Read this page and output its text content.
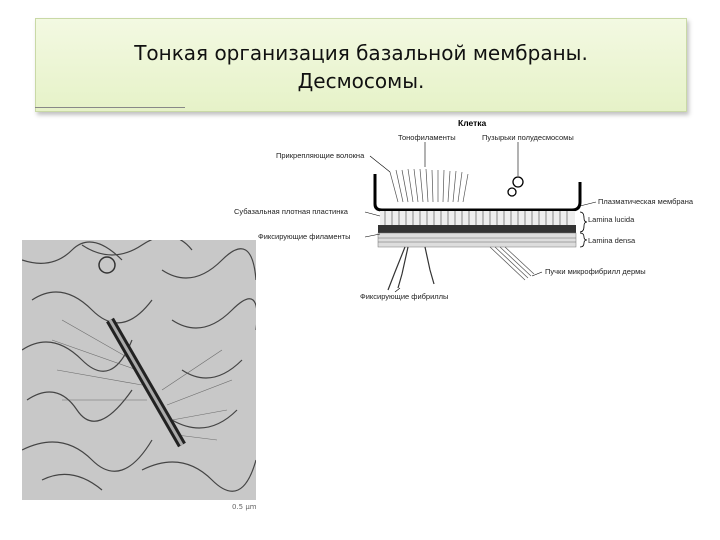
Тонкая организация базальной мембраны.
Десмосомы.
Клетка
Тонофиламенты	Пузырьки полудесмосомы
Прикрепляющие волокна
Плазматическая мембрана
Lamina lucida
Lamina densa
Субазальная плотная пластинка
Фиксирующие филаменты
Пучки микрофибрилл дермы
Фиксирующие фибриллы
0.5 µm
